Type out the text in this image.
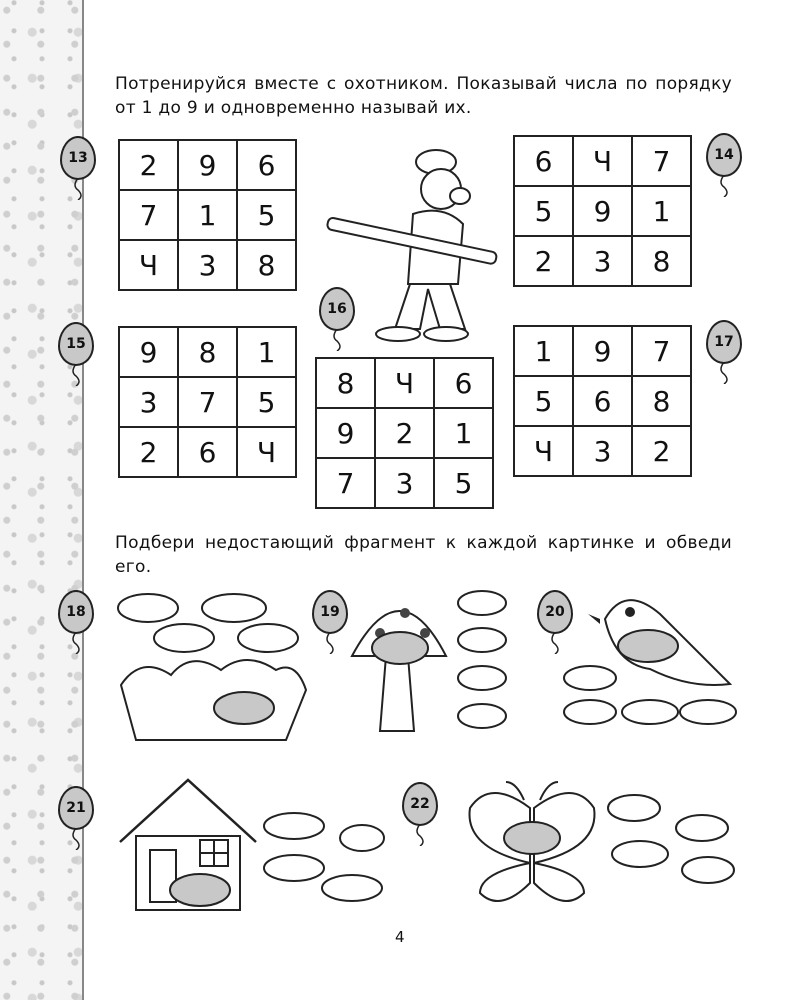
Потренируйся вместе с охотником. Показывай числа по порядку от 1 до 9 и одновременно называй их.
13 2	9	6
7	1	5
Ч	3	8
14
6	Ч	7
5	9	1
2	3	8
15 9	8	1
3	7	5
2	6	Ч
16
8	Ч	6
9	2	1
7	3	5
17
1	9	7
5	6	8
Ч	3	2
Подбери недостающий фрагмент к каждой картинке и обведи его.
18	19	20
21	22
4
